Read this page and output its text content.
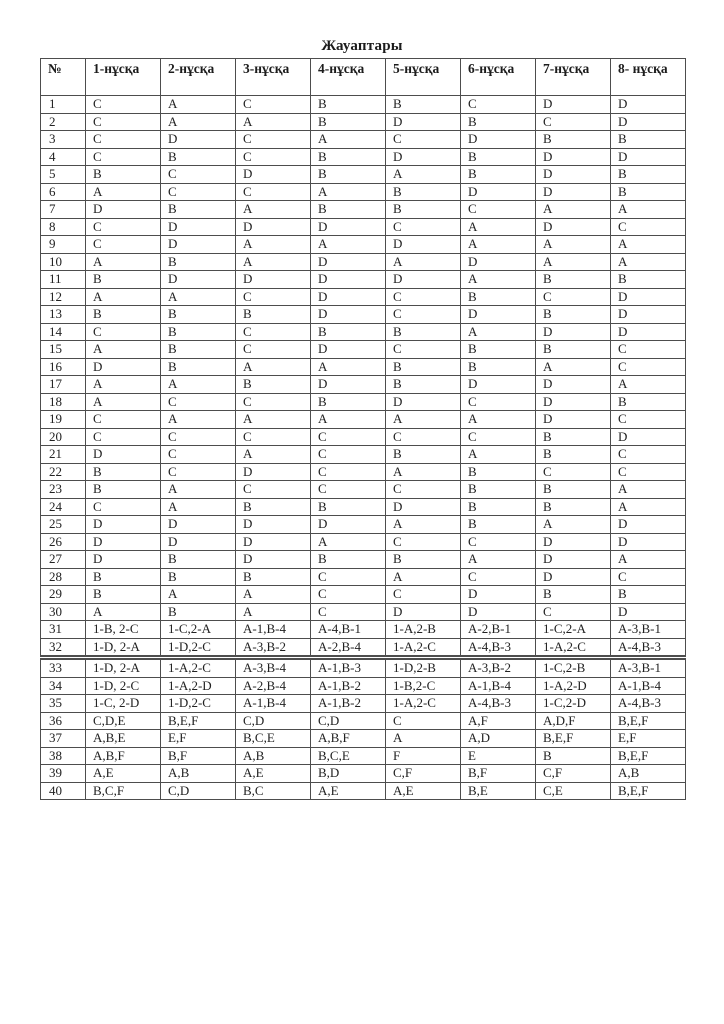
Жауаптары
№	1-нұсқа	2-нұсқа	3-нұсқа	4-нұсқа	5-нұсқа	6-нұсқа	7-нұсқа	8- нұсқа
1	C	A	C	B	B	C	D	D
2	C	A	A	B	D	B	C	D
3	C	D	C	A	C	D	B	B
4	C	B	C	B	D	B	D	D
5	B	C	D	B	A	B	D	B
6	A	C	C	A	B	D	D	B
7	D	B	A	B	B	C	A	A
8	C	D	D	D	C	A	D	C
9	C	D	A	A	D	A	A	A
10	A	B	A	D	A	D	A	A
11	B	D	D	D	D	A	B	B
12	A	A	C	D	C	B	C	D
13	B	B	B	D	C	D	B	D
14	C	B	C	B	B	A	D	D
15	A	B	C	D	C	B	B	C
16	D	B	A	A	B	B	A	C
17	A	A	B	D	B	D	D	A
18	A	C	C	B	D	C	D	B
19	C	A	A	A	A	A	D	C
20	C	C	C	C	C	C	B	D
21	D	C	A	C	B	A	B	C
22	B	C	D	C	A	B	C	C
23	B	A	C	C	C	B	B	A
24	C	A	B	B	D	B	B	A
25	D	D	D	D	A	B	A	D
26	D	D	D	A	C	C	D	D
27	D	B	D	B	B	A	D	A
28	B	B	B	C	A	C	D	C
29	B	A	A	C	C	D	B	B
30	A	B	A	C	D	D	C	D
31	1-B, 2-C	1-C,2-A	A-1,B-4	A-4,B-1	1-A,2-B	A-2,B-1	1-C,2-A	A-3,B-1
32	1-D, 2-A	1-D,2-C	A-3,B-2	A-2,B-4	1-A,2-C	A-4,B-3	1-A,2-C	A-4,B-3
33	1-D, 2-A	1-A,2-C	A-3,B-4	A-1,B-3	1-D,2-B	A-3,B-2	1-C,2-B	A-3,B-1
34	1-D, 2-C	1-A,2-D	A-2,B-4	A-1,B-2	1-B,2-C	A-1,B-4	1-A,2-D	A-1,B-4
35	1-C, 2-D	1-D,2-C	A-1,B-4	A-1,B-2	1-A,2-C	A-4,B-3	1-C,2-D	A-4,B-3
36	C,D,E	B,E,F	C,D	C,D	C	A,F	A,D,F	B,E,F
37	A,B,E	E,F	B,C,E	A,B,F	A	A,D	B,E,F	E,F
38	A,B,F	B,F	A,B	B,C,E	F	E	B	B,E,F
39	A,E	A,B	A,E	B,D	C,F	B,F	C,F	A,B
40	B,C,F	C,D	B,C	A,E	A,E	B,E	C,E	B,E,F
